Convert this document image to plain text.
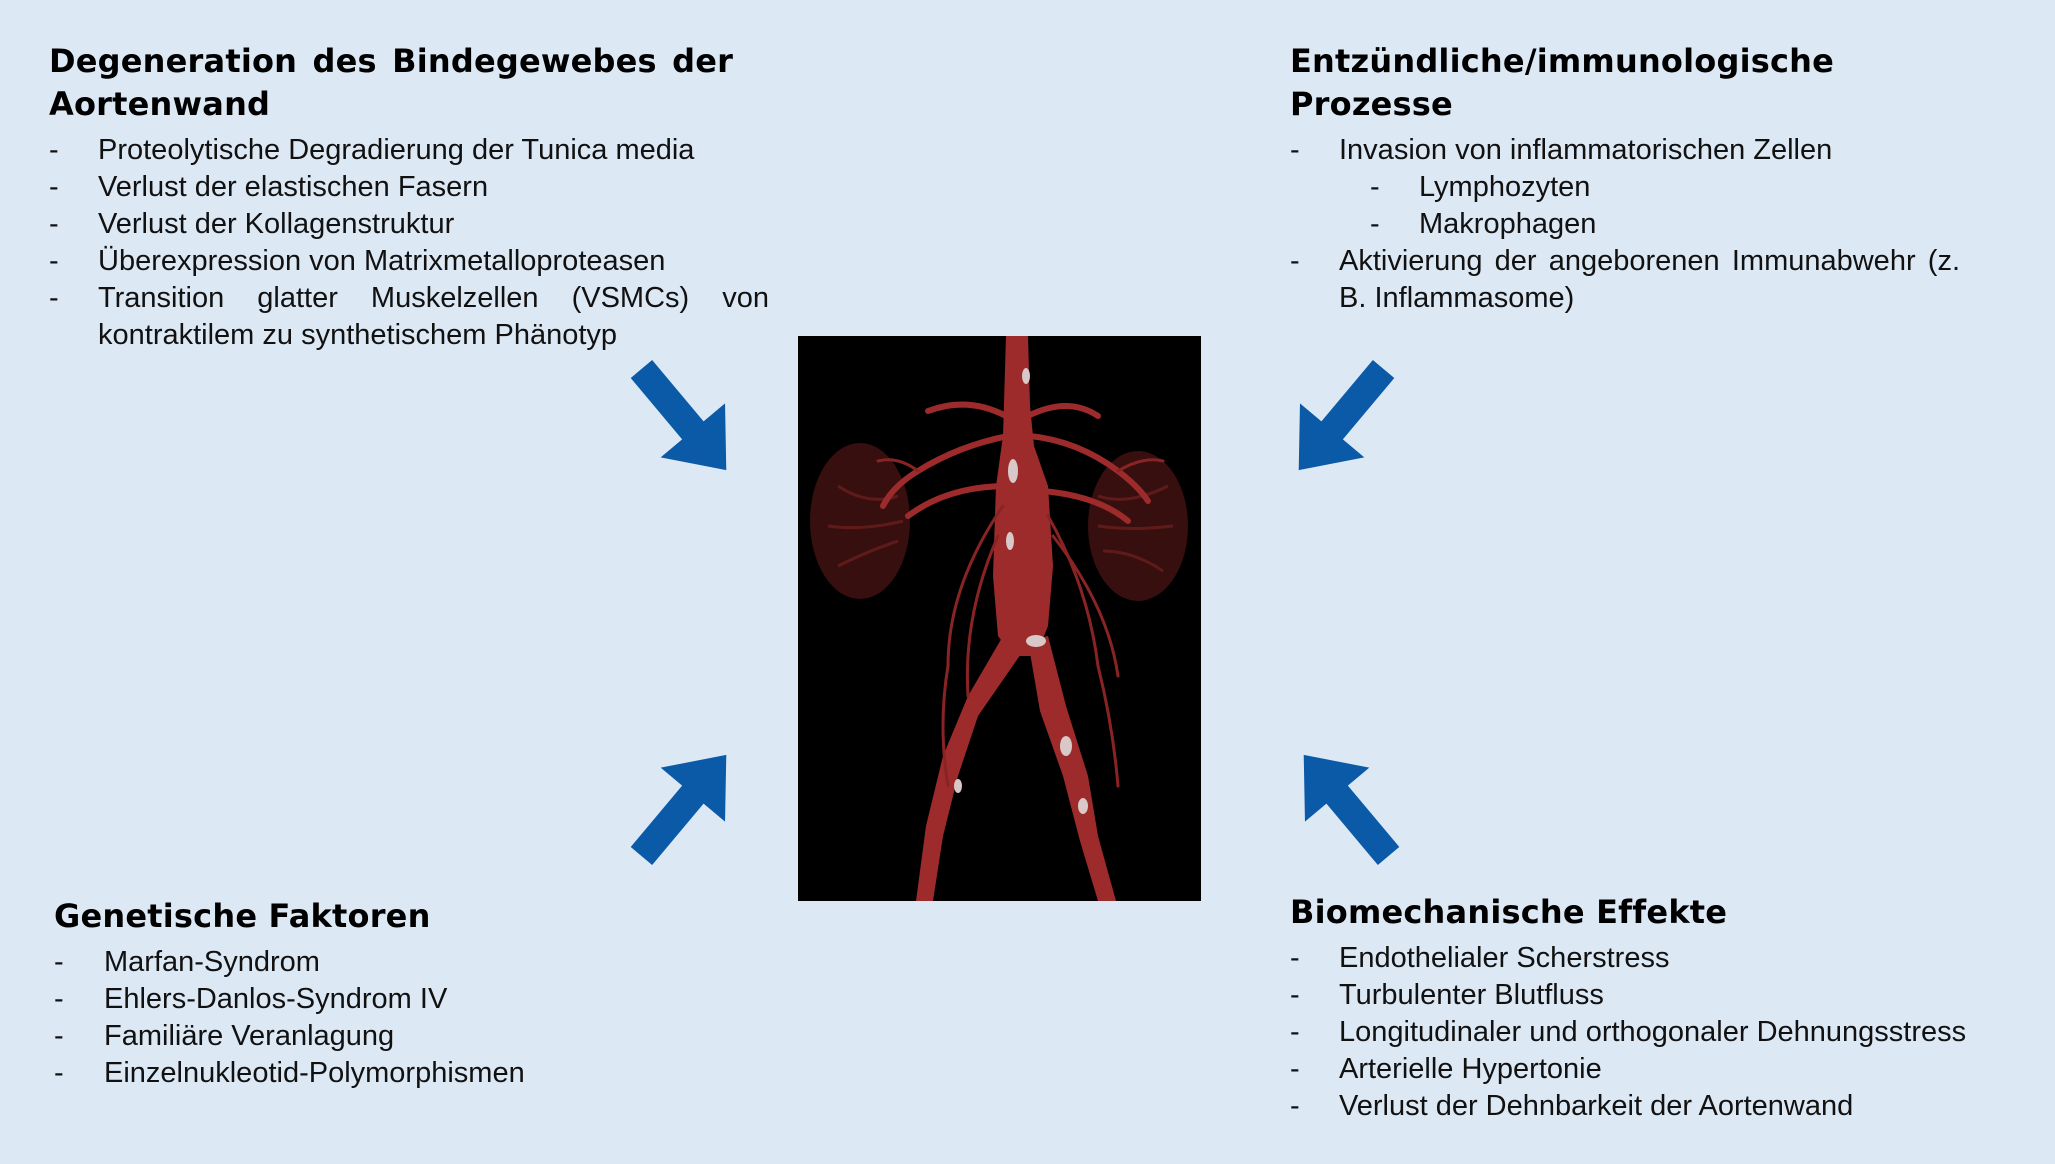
Degeneration des Bindegewebes der Aortenwand
- Proteolytische Degradierung der Tunica media
- Verlust der elastischen Fasern
- Verlust der Kollagenstruktur
- Überexpression von Matrixmetalloproteasen
- Transition glatter Muskelzellen (VSMCs) von kontraktilem zu synthetischem Phänotyp
Entzündliche/immunologische Prozesse
- Invasion von inflammatorischen Zellen
- Lymphozyten
- Makrophagen
- Aktivierung der angeborenen Immunabwehr (z. B. Inflammasome)
Genetische Faktoren
- Marfan-Syndrom
- Ehlers-Danlos-Syndrom IV
- Familiäre Veranlagung
- Einzelnukleotid-Polymorphismen
Biomechanische Effekte
- Endothelialer Scherstress
- Turbulenter Blutfluss
- Longitudinaler und orthogonaler Dehnungsstress
- Arterielle Hypertonie
- Verlust der Dehnbarkeit der Aortenwand
